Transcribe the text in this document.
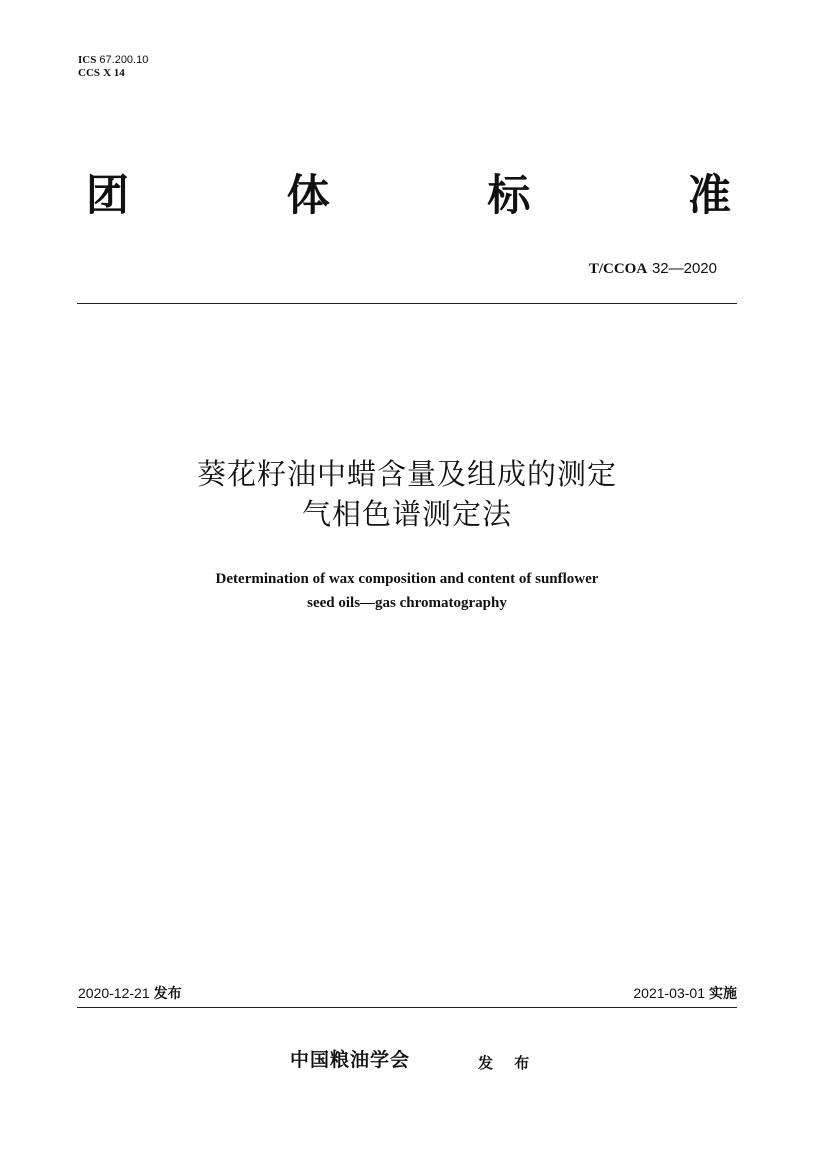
ICS 67.200.10
CCS X 14
团	体	标	准
T/CCOA 32—2020
葵花籽油中蜡含量及组成的测定
气相色谱测定法
Determination of wax composition and content of sunflower
seed oils—gas chromatography
2020-12-21 发布	2021-03-01 实施
中国粮油学会	发 布
